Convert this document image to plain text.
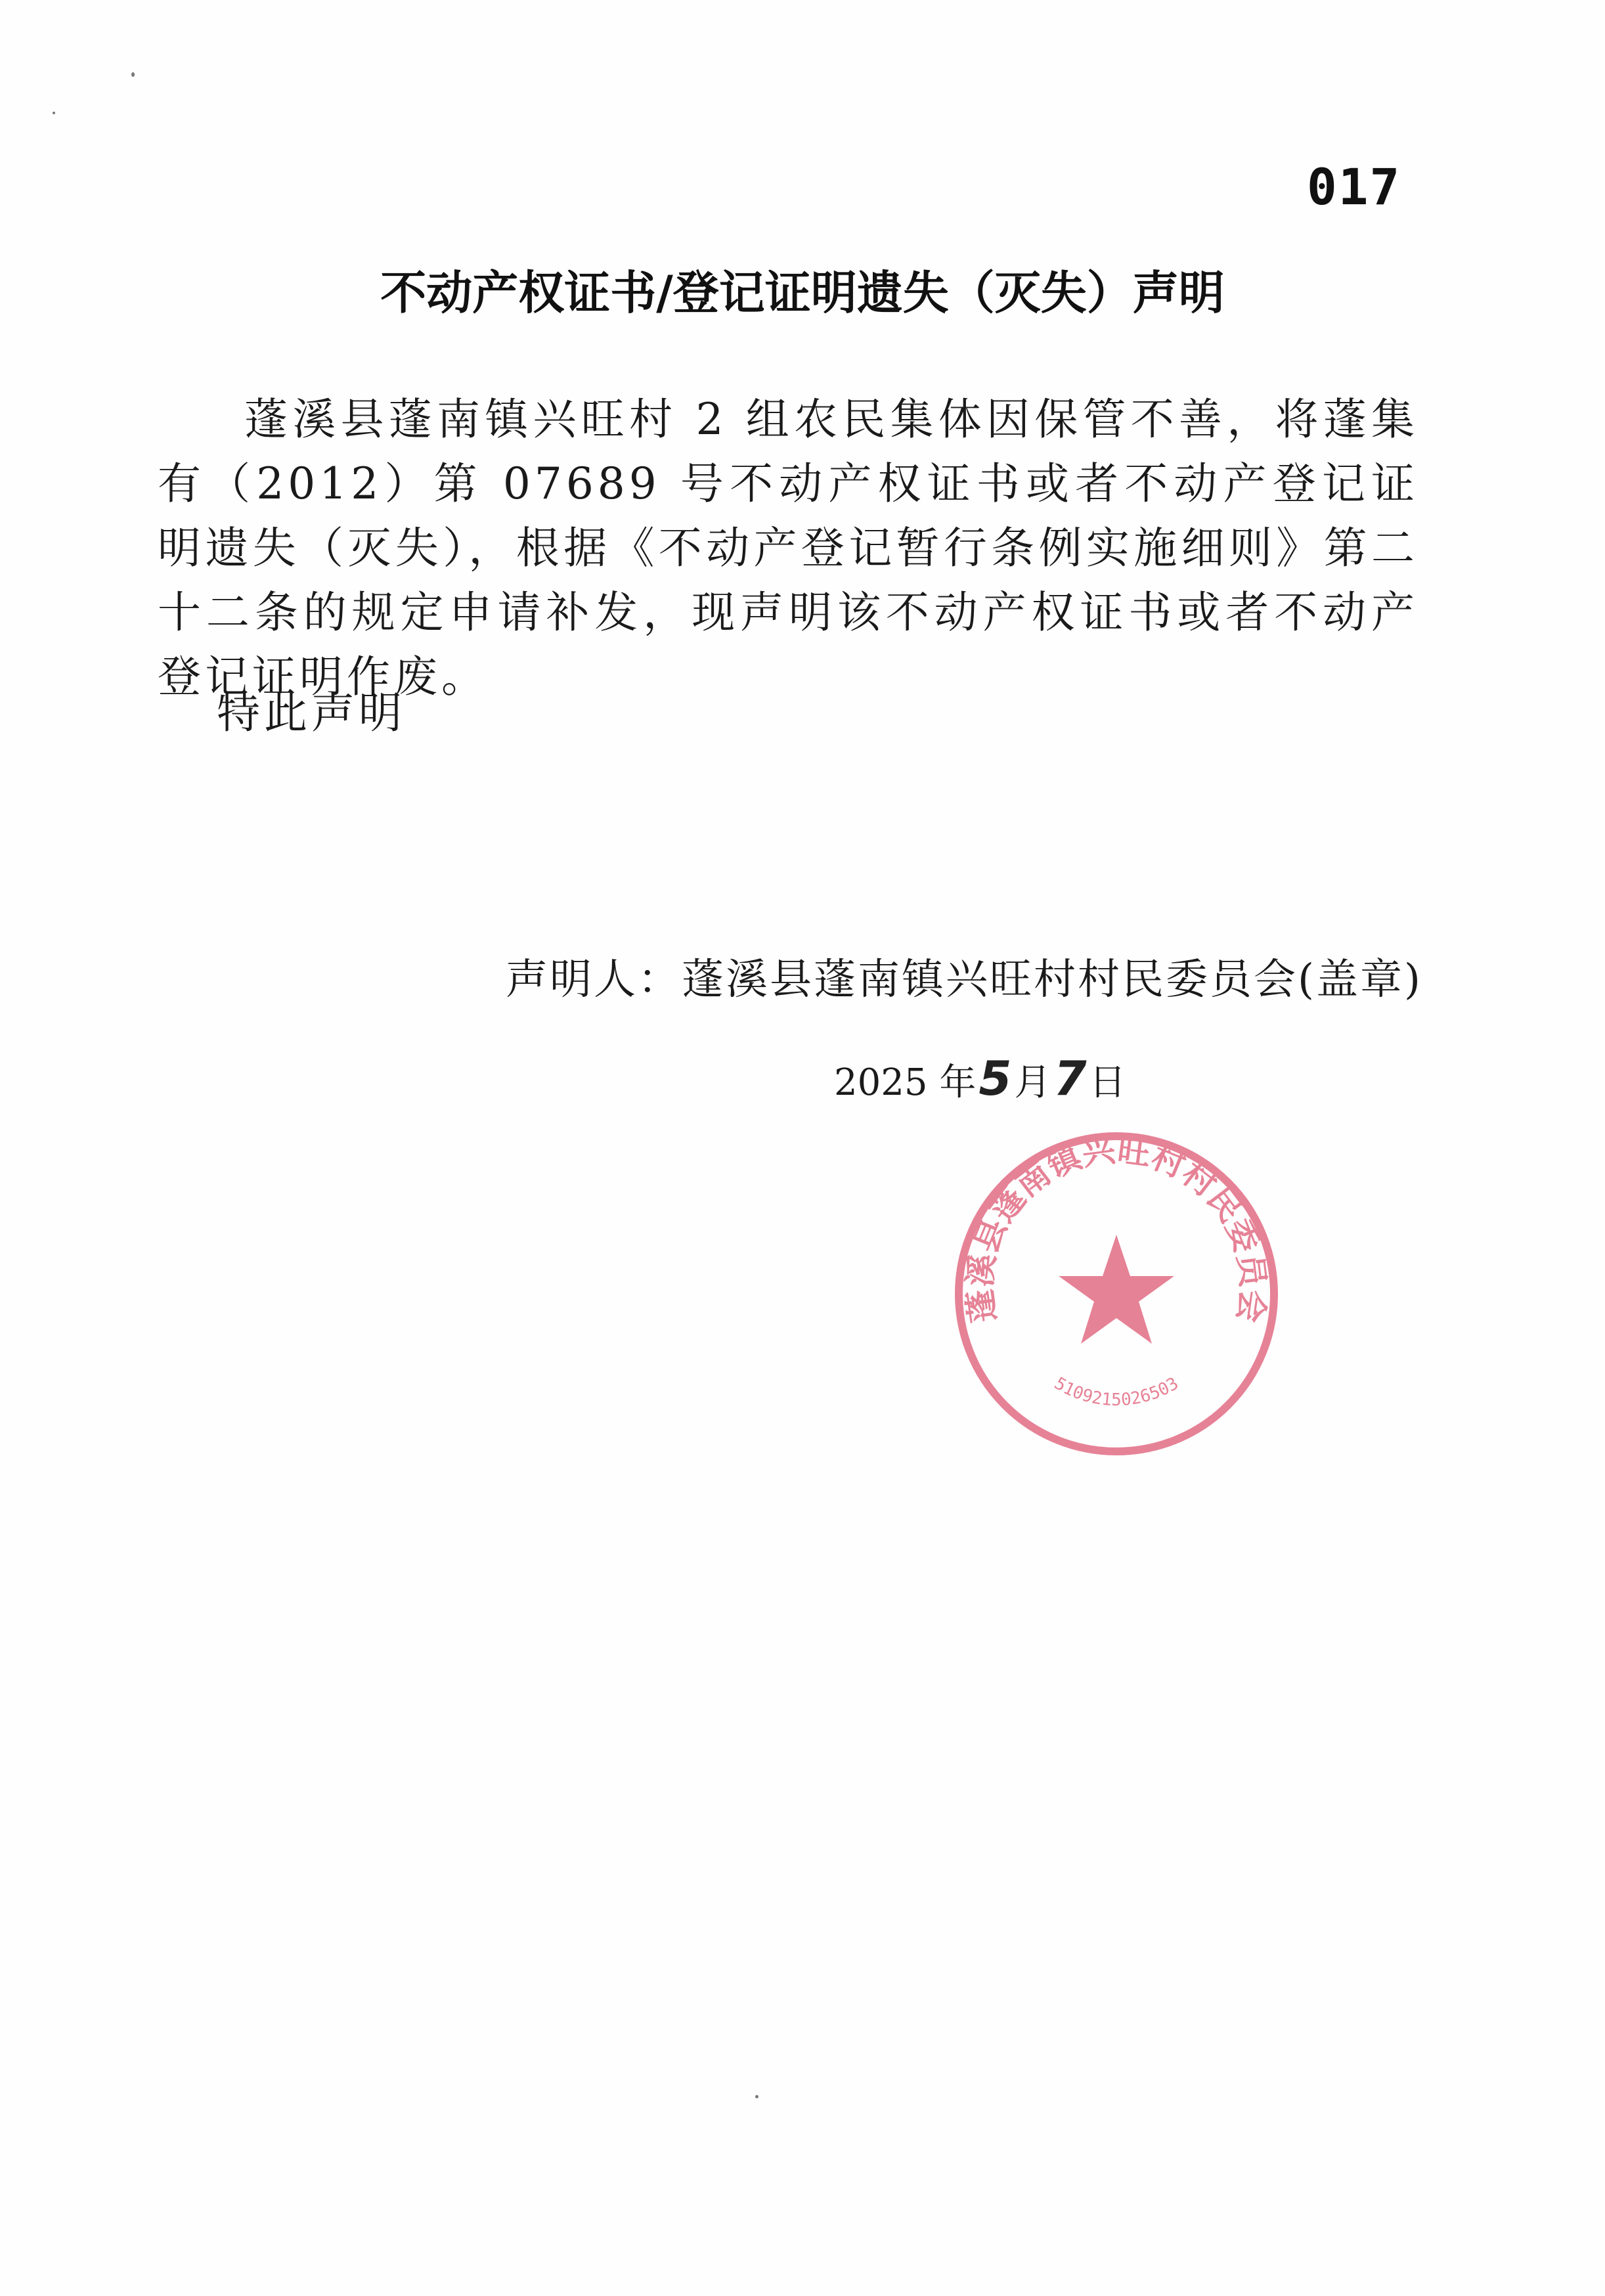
017
不动产权证书/登记证明遗失（灭失）声明

蓬溪县蓬南镇兴旺村 2 组农民集体因保管不善，将蓬集有（2012）第 07689 号不动产权证书或者不动产登记证明遗失（灭失），根据《不动产登记暂行条例实施细则》第二十二条的规定申请补发，现声明该不动产权证书或者不动产登记证明作废。

特此声明
声明人：蓬溪县蓬南镇兴旺村村民委员会(盖章)
2025 年5月7日
蓬溪县蓬南镇兴旺村村民委员会
5109215026503
